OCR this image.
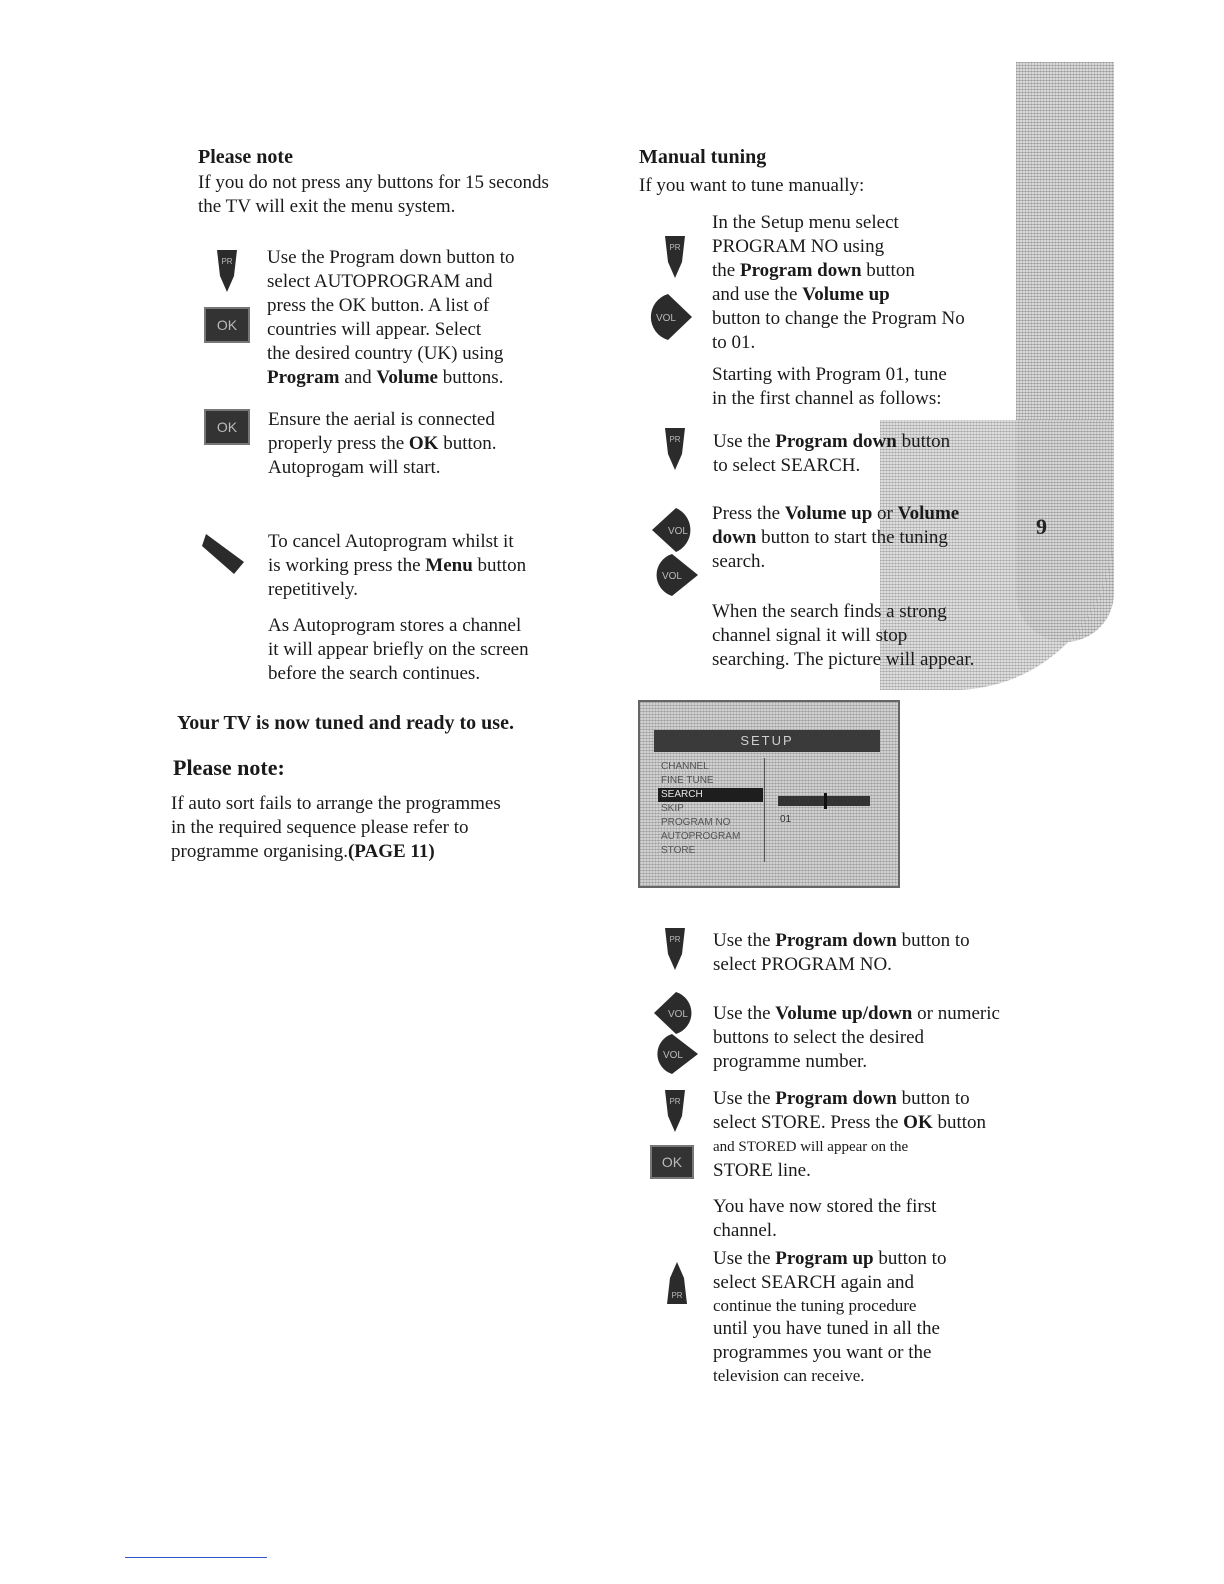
9
Please note
If you do not press any buttons for 15 seconds
the TV will exit the menu system.
PR
OK
Use the Program down button to
select AUTOPROGRAM and
press the OK button. A list of
countries will appear. Select
the desired country (UK) using
Program and Volume buttons.
OK	Ensure the aerial is connected
properly press the OK button.
Autoprogam will start.
To cancel Autoprogram whilst it
is working press the Menu button
repetitively.
As Autoprogram stores a channel
it will appear briefly on the screen
before the search continues.
Your TV is now tuned and ready to use.
Please note:
If auto sort fails to arrange the programmes
in the required sequence please refer to
programme organising.(PAGE 11)
Manual tuning
If you want to tune manually:
PR
VOL
In the Setup menu select
PROGRAM NO using
the Program down button
and use the Volume up
button to change the Program No
to 01.
Starting with Program 01, tune
in the first channel as follows:
PR Use the Program down button
to select SEARCH.
VOL
VOL
Press the Volume up or Volume
down button to start the tuning
search.
When the search finds a strong
channel signal it will stop
searching. The picture will appear.
SETUP
CHANNEL
FINE TUNE
SEARCH
SKIP
PROGRAM NO
AUTOPROGRAM
STORE
01
PR Use the Program down button to
select PROGRAM NO.
VOL
VOL
Use the Volume up/down or numeric
buttons to select the desired
programme number.
PR
OK
Use the Program down button to
select STORE. Press the OK button
and STORED will appear on the
STORE line.
You have now stored the first
channel.
PR
Use the Program up button to
select SEARCH again and
continue the tuning procedure
until you have tuned in all the
programmes you want or the
television can receive.
